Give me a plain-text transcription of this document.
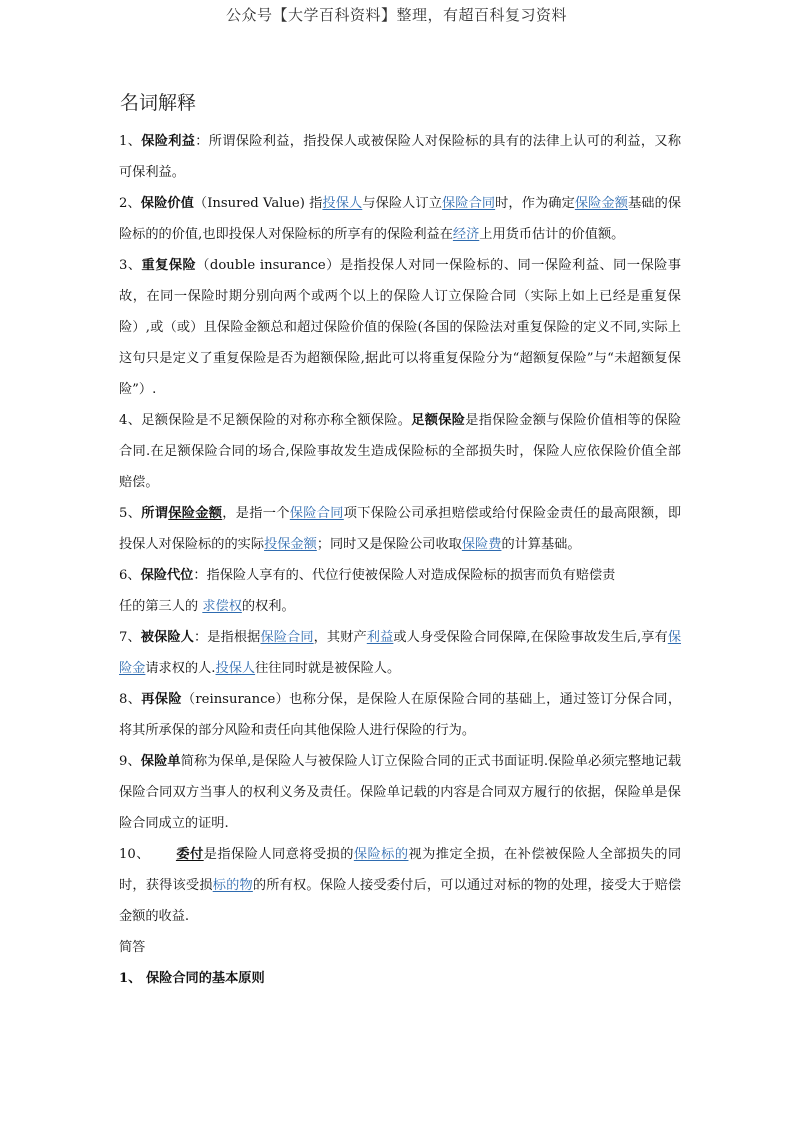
公众号【大学百科资料】整理，有超百科复习资料
名词解释

1、保险利益：所谓保险利益，指投保人或被保险人对保险标的具有的法律上认可的利益，又称可保利益。

2、保险价值（Insured Value) 指投保人与保险人订立保险合同时，作为确定保险金额基础的保险标的的价值,也即投保人对保险标的所享有的保险利益在经济上用货币估计的价值额。

3、重复保险（double insurance）是指投保人对同一保险标的、同一保险利益、同一保险事故，在同一保险时期分别向两个或两个以上的保险人订立保险合同（实际上如上已经是重复保险）,或（或）且保险金额总和超过保险价值的保险(各国的保险法对重复保险的定义不同,实际上这句只是定义了重复保险是否为超额保险,据此可以将重复保险分为“超额复保险”与“未超额复保险”）.

4、足额保险是不足额保险的对称亦称全额保险。足额保险是指保险金额与保险价值相等的保险合同.在足额保险合同的场合,保险事故发生造成保险标的全部损失时，保险人应依保险价值全部赔偿。

5、所谓保险金额，是指一个保险合同项下保险公司承担赔偿或给付保险金责任的最高限额，即投保人对保险标的的实际投保金额；同时又是保险公司收取保险费的计算基础。

6、保险代位：指保险人享有的、代位行使被保险人对造成保险标的损害而负有赔偿责
任的第三人的 求偿权的权利。

7、被保险人：是指根据保险合同，其财产利益或人身受保险合同保障,在保险事故发生后,享有保险金请求权的人.投保人往往同时就是被保险人。

8、再保险（reinsurance）也称分保，是保险人在原保险合同的基础上，通过签订分保合同，将其所承保的部分风险和责任向其他保险人进行保险的行为。

9、保险单简称为保单,是保险人与被保险人订立保险合同的正式书面证明.保险单必须完整地记载保险合同双方当事人的权利义务及责任。保险单记载的内容是合同双方履行的依据，保险单是保险合同成立的证明.

10、 委付是指保险人同意将受损的保险标的视为推定全损，在补偿被保险人全部损失的同时，获得该受损标的物的所有权。保险人接受委付后，可以通过对标的物的处理，接受大于赔偿金额的收益.

简答

1、 保险合同的基本原则
